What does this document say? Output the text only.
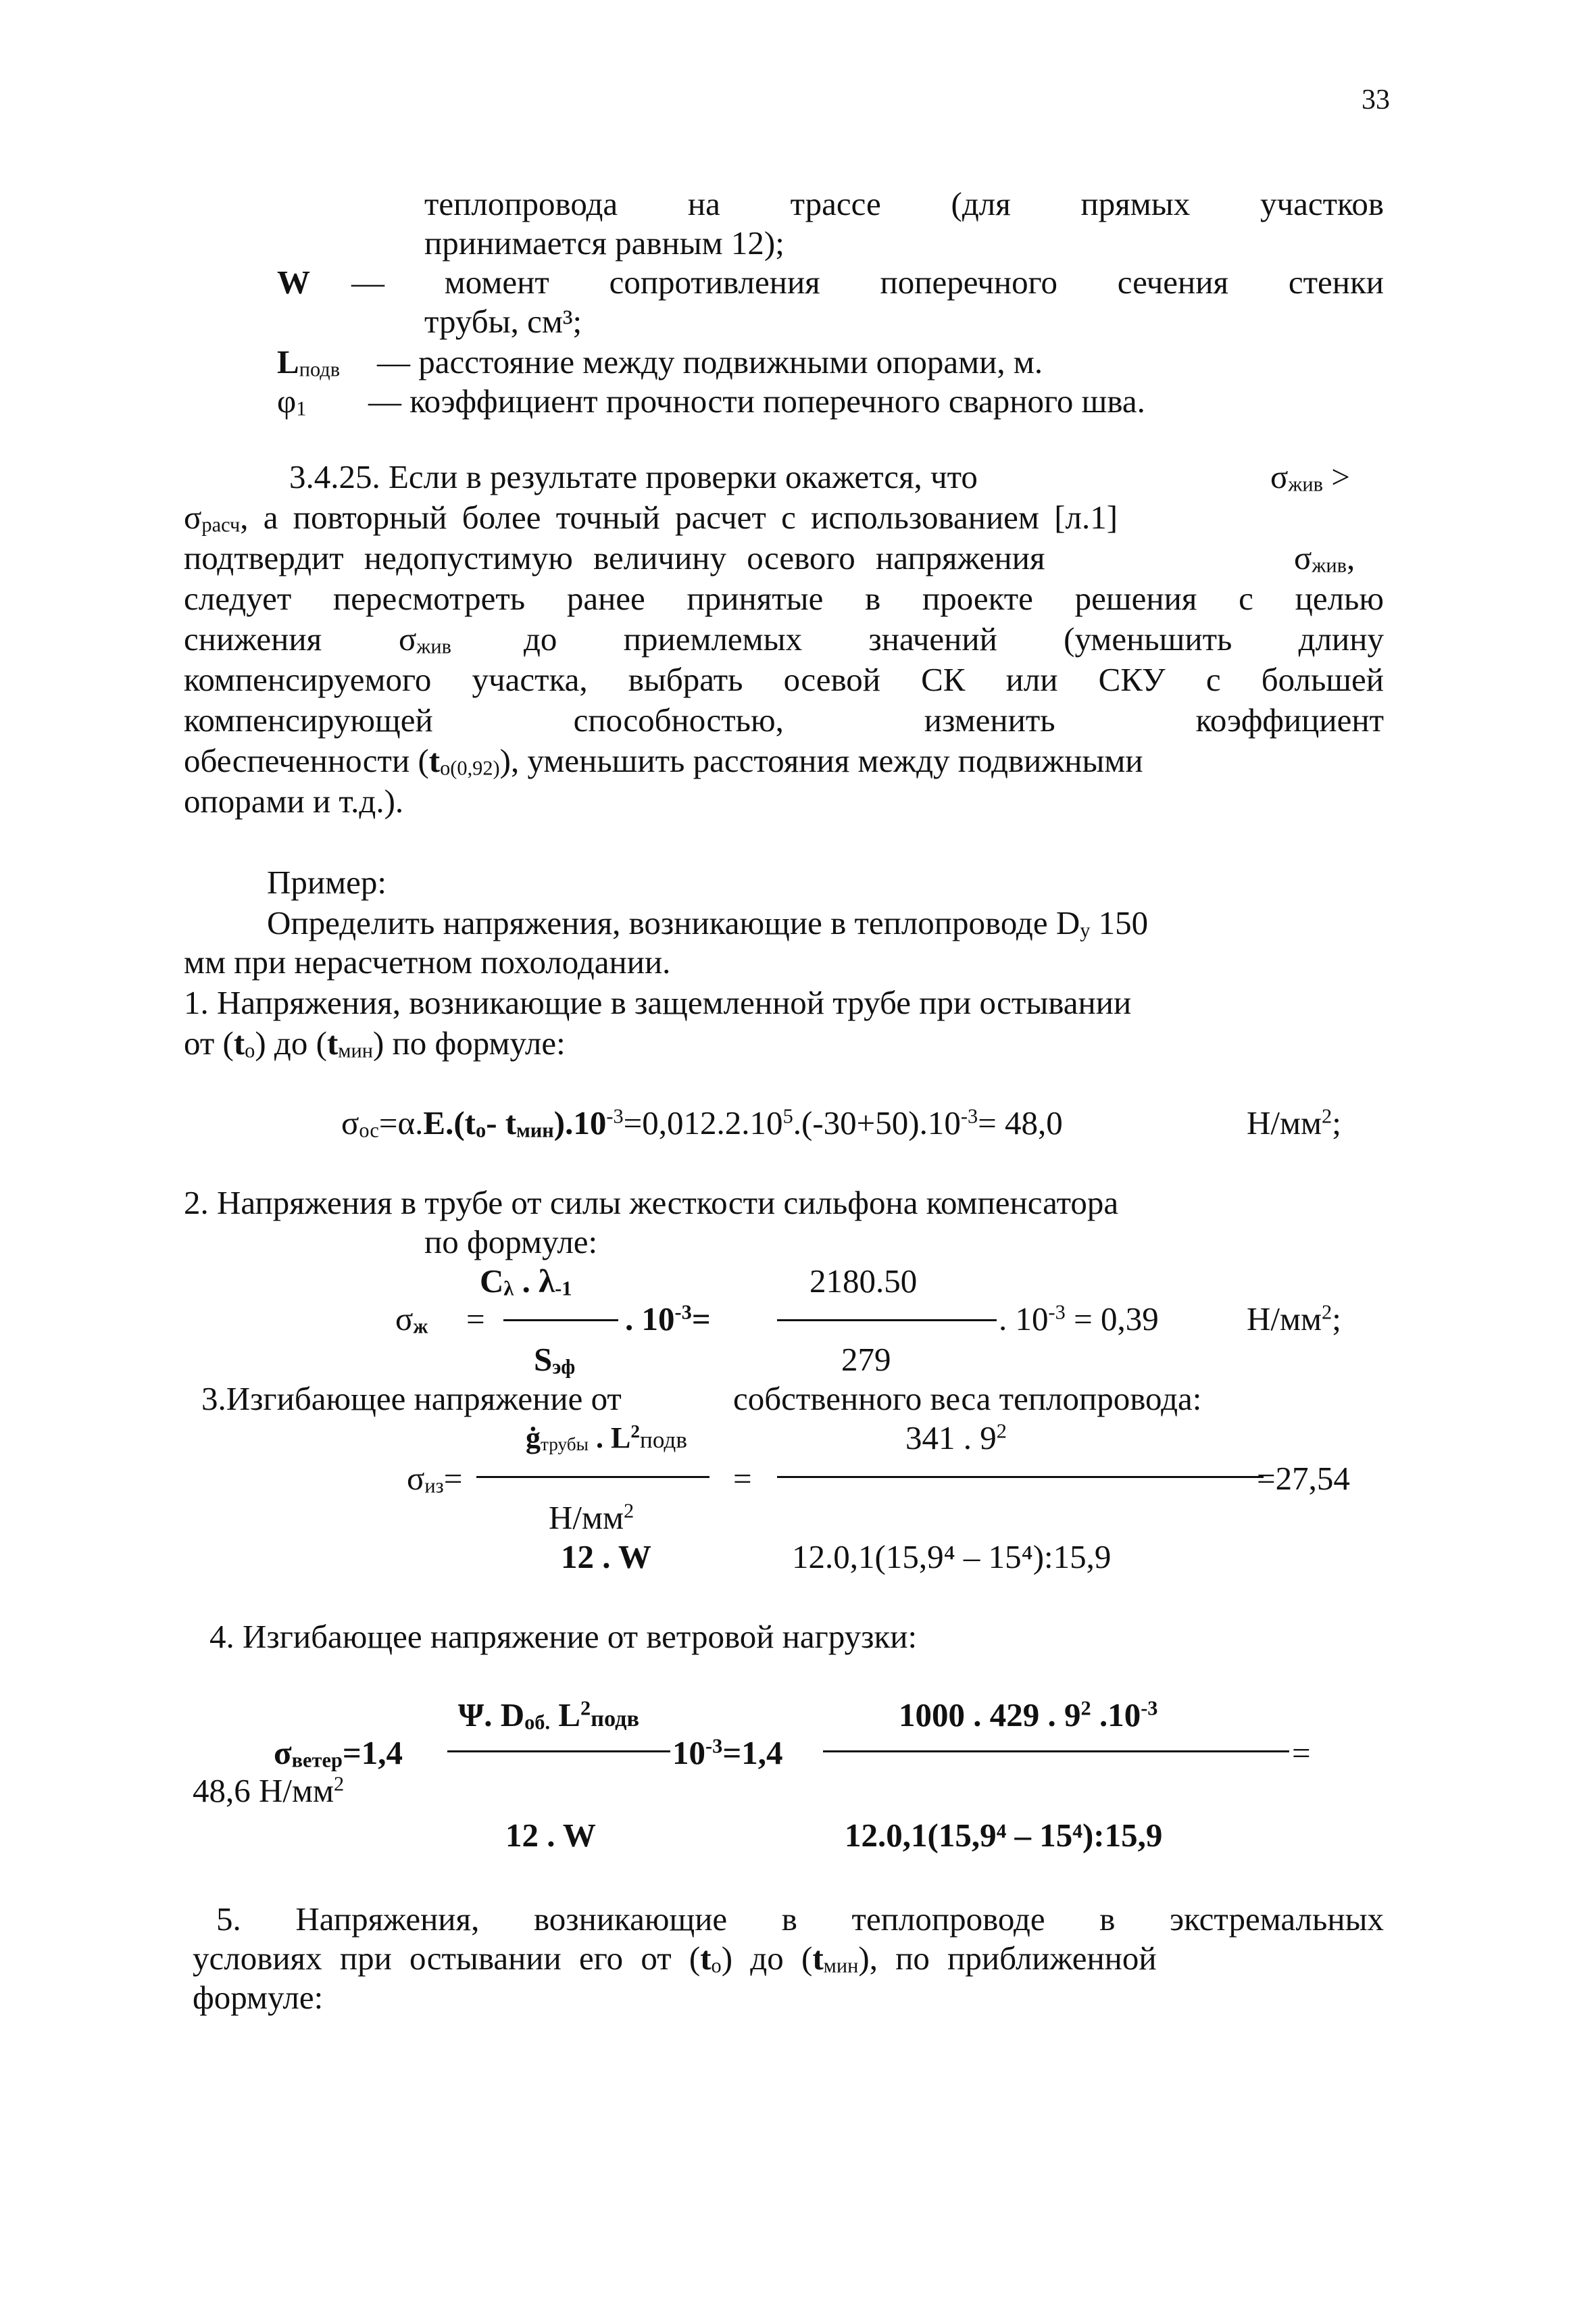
33
теплопровода на трассе (для прямых участков
принимается равным 12);
W — момент сопротивления поперечного сечения стенки
трубы, см³;
$L_{подв}$ — расстояние между подвижными опорами, м.
$\varphi_1$ — коэффициент прочности поперечного сварного шва.
3.4.25. Если в результате проверки окажется, что	$\sigma_{жив}$ >
$\sigma_{расч}$, а повторный более точный расчет с использованием [л.1]
подтвердит недопустимую величину осевого напряжения	$\sigma_{жив}$,
следует пересмотреть ранее принятые в проекте решения с целью
снижения $\sigma_{жив}$ до приемлемых значений (уменьшить длину
компенсируемого участка, выбрать осевой СК или СКУ с большей
компенсирующей способностью, изменить коэффициент
обеспеченности $(t_{о(0,92)})$, уменьшить расстояния между подвижными
опорами и т.д.).
Пример:
Определить напряжения, возникающие в теплопроводе $D_у$ 150
мм при нерасчетном похолодании.
1. Напряжения, возникающие в защемленной трубе при остывании
от $(t_о)$ до $(t_{мин})$ по формуле:
$\sigma_{ос}=\alpha.E.(t_о-$ $t_{мин}).10^{-3}=0,012.2.10^5.(-30+50).10^{-3}= 48,0$	$Н/мм^2$;
2. Напряжения в трубе от силы жесткости сильфона компенсатора
по формуле:
$C_\lambda$ . $\lambda_{-1}$	2180.50
$\sigma_ж$ =	. $10^{-3}=$	. $10^{-3} = 0,39$	$Н/мм^2$;
$S_{эф}$	279
3.Изгибающее напряжение от	собственного веса теплопровода:
$ġ_{трубы}$ . $L^2подв$	341 . $9^2$
$\sigma_{из}=$	=	=27,54
$Н/мм^2$
12 . W	12.0,1(15,9⁴ – 15⁴):15,9
4. Изгибающее напряжение от ветровой нагрузки:
Ψ. $D_{об.}$ $L^2подв$	1000 . 429 . $9^2$ $.10^{-3}$
$\sigma_{ветер}=1,4$	$10^{-3}=1,4$	=
48,6 $Н/мм^2$
12 . W	12.0,1(15,9⁴ – 15⁴):15,9
5. Напряжения, возникающие в теплопроводе в экстремальных
условиях при остывании его от $(t_о)$ до $(t_{мин})$, по приближенной
формуле:
